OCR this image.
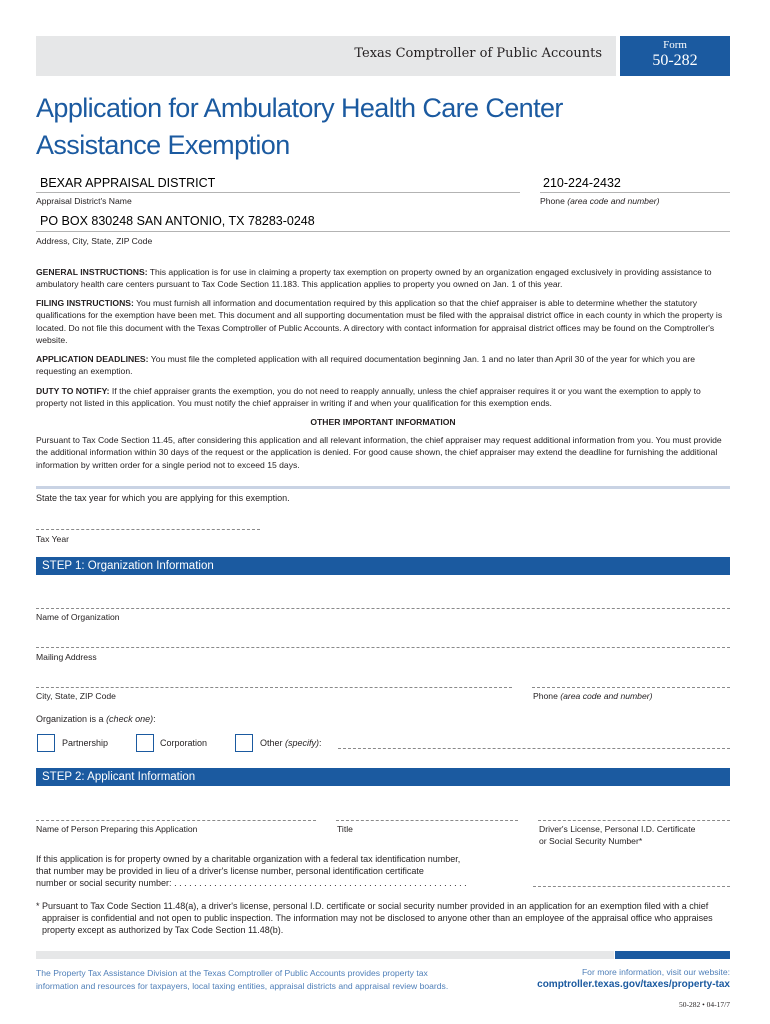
Texas Comptroller of Public Accounts
Form
50-282
Application for Ambulatory Health Care Center
Assistance Exemption
BEXAR APPRAISAL DISTRICT
Appraisal District's Name
210-224-2432
Phone (area code and number)
PO BOX 830248 SAN ANTONIO, TX 78283-0248
Address, City, State, ZIP Code
GENERAL INSTRUCTIONS: This application is for use in claiming a property tax exemption on property owned by an organization engaged exclusively in providing assistance to ambulatory health care centers pursuant to Tax Code Section 11.183. This application applies to property you owned on Jan. 1 of this year.
FILING INSTRUCTIONS: You must furnish all information and documentation required by this application so that the chief appraiser is able to determine whether the statutory qualifications for the exemption have been met. This document and all supporting documentation must be filed with the appraisal district office in each county in which the property is located. Do not file this document with the Texas Comptroller of Public Accounts. A directory with contact information for appraisal district offices may be found on the Comptroller's website.
APPLICATION DEADLINES: You must file the completed application with all required documentation beginning Jan. 1 and no later than April 30 of the year for which you are requesting an exemption.
DUTY TO NOTIFY: If the chief appraiser grants the exemption, you do not need to reapply annually, unless the chief appraiser requires it or you want the exemption to apply to property not listed in this application. You must notify the chief appraiser in writing if and when your qualification for this exemption ends.
OTHER IMPORTANT INFORMATION
Pursuant to Tax Code Section 11.45, after considering this application and all relevant information, the chief appraiser may request additional information from you. You must provide the additional information within 30 days of the request or the application is denied. For good cause shown, the chief appraiser may extend the deadline for furnishing the additional information by written order for a single period not to exceed 15 days.
State the tax year for which you are applying for this exemption.
Tax Year
STEP 1: Organization Information
Name of Organization
Mailing Address
City, State, ZIP Code	Phone (area code and number)
Organization is a (check one):
Partnership	Corporation	Other (specify):
STEP 2: Applicant Information
Name of Person Preparing this Application	Title	Driver's License, Personal I.D. Certificate
or Social Security Number*
If this application is for property owned by a charitable organization with a federal tax identification number,
that number may be provided in lieu of a driver's license number, personal identification certificate
number or social security number: . . . . . . . . . . . . . . . . . . . . . . . . . . . . . . . . . . . . . . . . . . . . . . . . . . . . . . . . . . .
* Pursuant to Tax Code Section 11.48(a), a driver's license, personal I.D. certificate or social security number provided in an application for an exemption filed with a chief appraiser is confidential and not open to public inspection. The information may not be disclosed to anyone other than an employee of the appraisal office who appraises property except as authorized by Tax Code Section 11.48(b).
The Property Tax Assistance Division at the Texas Comptroller of Public Accounts provides property tax
information and resources for taxpayers, local taxing entities, appraisal districts and appraisal review boards.
For more information, visit our website:
comptroller.texas.gov/taxes/property-tax
50-282 • 04-17/7
